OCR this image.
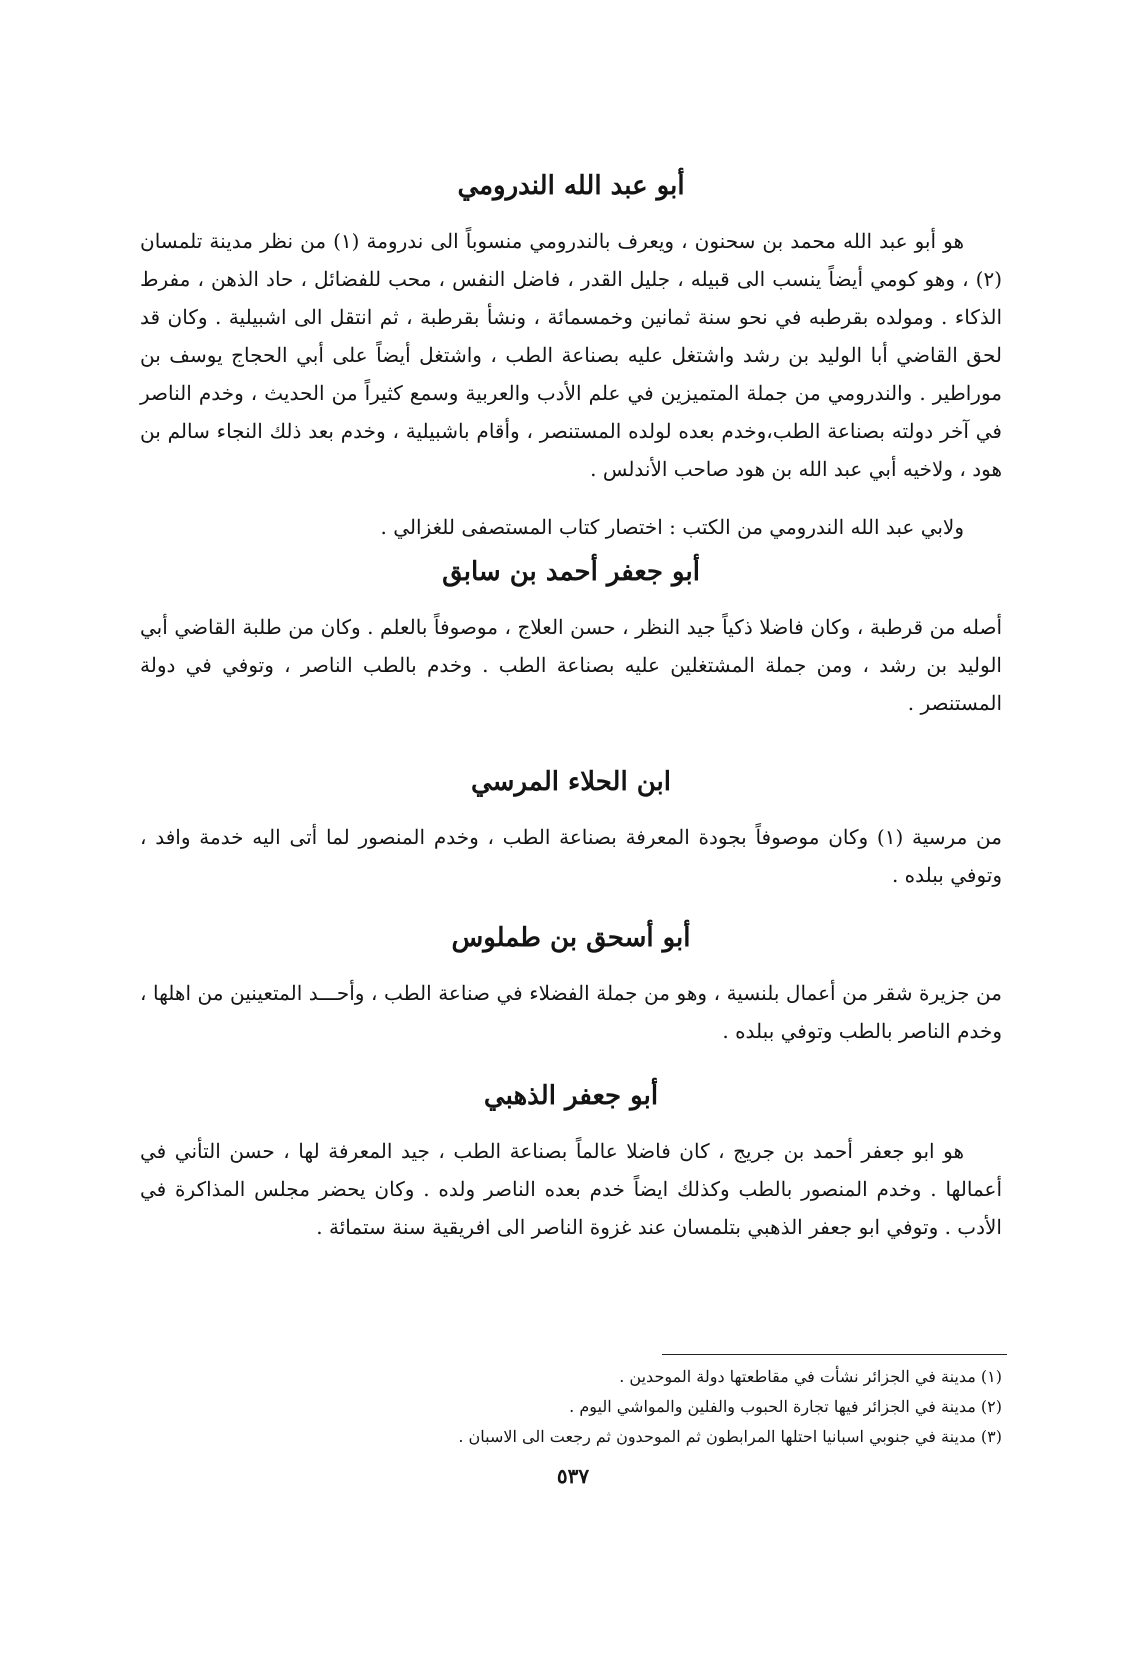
أبو عبد الله الندرومي

هو أبو عبد الله محمد بن سحنون ، ويعرف بالندرومي منسوباً الى ندرومة (١) من نظر مدينة تلمسان (٢) ، وهو كومي أيضاً ينسب الى قبيله ، جليل القدر ، فاضل النفس ، محب للفضائل ، حاد الذهن ، مفرط الذكاء . ومولده بقرطبه في نحو سنة ثمانين وخمسمائة ، ونشأ بقرطبة ، ثم انتقل الى اشبيلية . وكان قد لحق القاضي أبا الوليد بن رشد واشتغل عليه بصناعة الطب ، واشتغل أيضاً على أبي الحجاج يوسف بن موراطير . والندرومي من جملة المتميزين في علم الأدب والعربية وسمع كثيراً من الحديث ، وخدم الناصر في آخر دولته بصناعة الطب،وخدم بعده لولده المستنصر ، وأقام باشبيلية ، وخدم بعد ذلك النجاء سالم بن هود ، ولاخيه أبي عبد الله بن هود صاحب الأندلس .

ولابي عبد الله الندرومي من الكتب : اختصار كتاب المستصفى للغزالي .

أبو جعفر أحمد بن سابق

أصله من قرطبة ، وكان فاضلا ذكياً جيد النظر ، حسن العلاج ، موصوفاً بالعلم . وكان من طلبة القاضي أبي الوليد بن رشد ، ومن جملة المشتغلين عليه بصناعة الطب . وخدم بالطب الناصر ، وتوفي في دولة المستنصر .

ابن الحلاء المرسي

من مرسية (١) وكان موصوفاً بجودة المعرفة بصناعة الطب ، وخدم المنصور لما أتى اليه خدمة وافد ، وتوفي ببلده .

أبو أسحق بن طملوس

من جزيرة شقر من أعمال بلنسية ، وهو من جملة الفضلاء في صناعة الطب ، وأحـــد المتعينين من اهلها ، وخدم الناصر بالطب وتوفي ببلده .

أبو جعفر الذهبي

هو ابو جعفر أحمد بن جريج ، كان فاضلا عالماً بصناعة الطب ، جيد المعرفة لها ، حسن التأني في أعمالها . وخدم المنصور بالطب وكذلك ايضاً خدم بعده الناصر ولده . وكان يحضر مجلس المذاكرة في الأدب . وتوفي ابو جعفر الذهبي بتلمسان عند غزوة الناصر الى افريقية سنة ستمائة .

(١) مدينة في الجزائر نشأت في مقاطعتها دولة الموحدين .
(٢) مدينة في الجزائر فيها تجارة الحبوب والفلين والمواشي اليوم .
(٣) مدينة في جنوبي اسبانيا احتلها المرابطون ثم الموحدون ثم رجعت الى الاسبان .
٥٣٧
